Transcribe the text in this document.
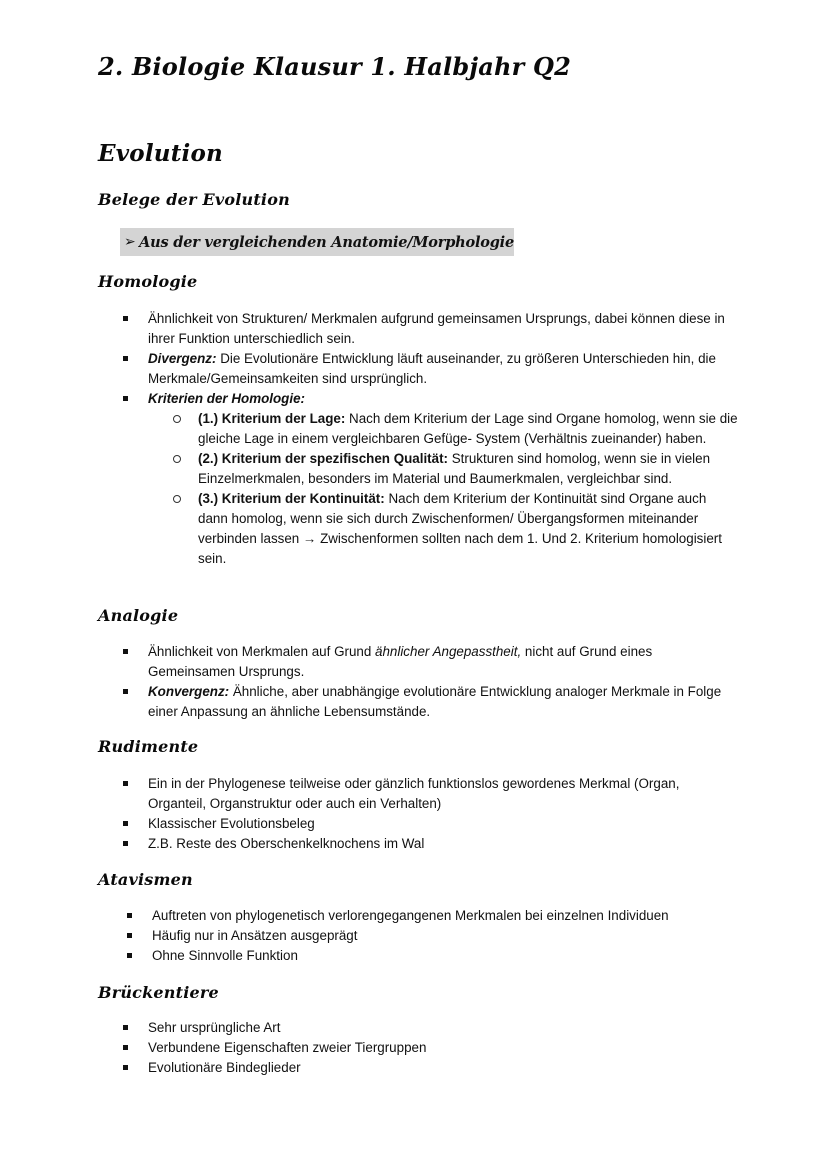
2. Biologie Klausur 1. Halbjahr Q2
Evolution
Belege der Evolution
➢ Aus der vergleichenden Anatomie/Morphologie
Homologie
Ähnlichkeit von Strukturen/ Merkmalen aufgrund gemeinsamen Ursprungs, dabei können diese in ihrer Funktion unterschiedlich sein.
Divergenz: Die Evolutionäre Entwicklung läuft auseinander, zu größeren Unterschieden hin, die Merkmale/Gemeinsamkeiten sind ursprünglich.
Kriterien der Homologie:
(1.) Kriterium der Lage: Nach dem Kriterium der Lage sind Organe homolog, wenn sie die gleiche Lage in einem vergleichbaren Gefüge- System (Verhältnis zueinander) haben.
(2.) Kriterium der spezifischen Qualität: Strukturen sind homolog, wenn sie in vielen Einzelmerkmalen, besonders im Material und Baumerkmalen, vergleichbar sind.
(3.) Kriterium der Kontinuität: Nach dem Kriterium der Kontinuität sind Organe auch dann homolog, wenn sie sich durch Zwischenformen/ Übergangsformen miteinander verbinden lassen → Zwischenformen sollten nach dem 1. Und 2. Kriterium homologisiert sein.
Analogie
Ähnlichkeit von Merkmalen auf Grund ähnlicher Angepasstheit, nicht auf Grund eines Gemeinsamen Ursprungs.
Konvergenz: Ähnliche, aber unabhängige evolutionäre Entwicklung analoger Merkmale in Folge einer Anpassung an ähnliche Lebensumstände.
Rudimente
Ein in der Phylogenese teilweise oder gänzlich funktionslos gewordenes Merkmal (Organ, Organteil, Organstruktur oder auch ein Verhalten)
Klassischer Evolutionsbeleg
Z.B. Reste des Oberschenkelknochens im Wal
Atavismen
Auftreten von phylogenetisch verlorengegangenen Merkmalen bei einzelnen Individuen
Häufig nur in Ansätzen ausgeprägt
Ohne Sinnvolle Funktion
Brückentiere
Sehr ursprüngliche Art
Verbundene Eigenschaften zweier Tiergruppen
Evolutionäre Bindeglieder
